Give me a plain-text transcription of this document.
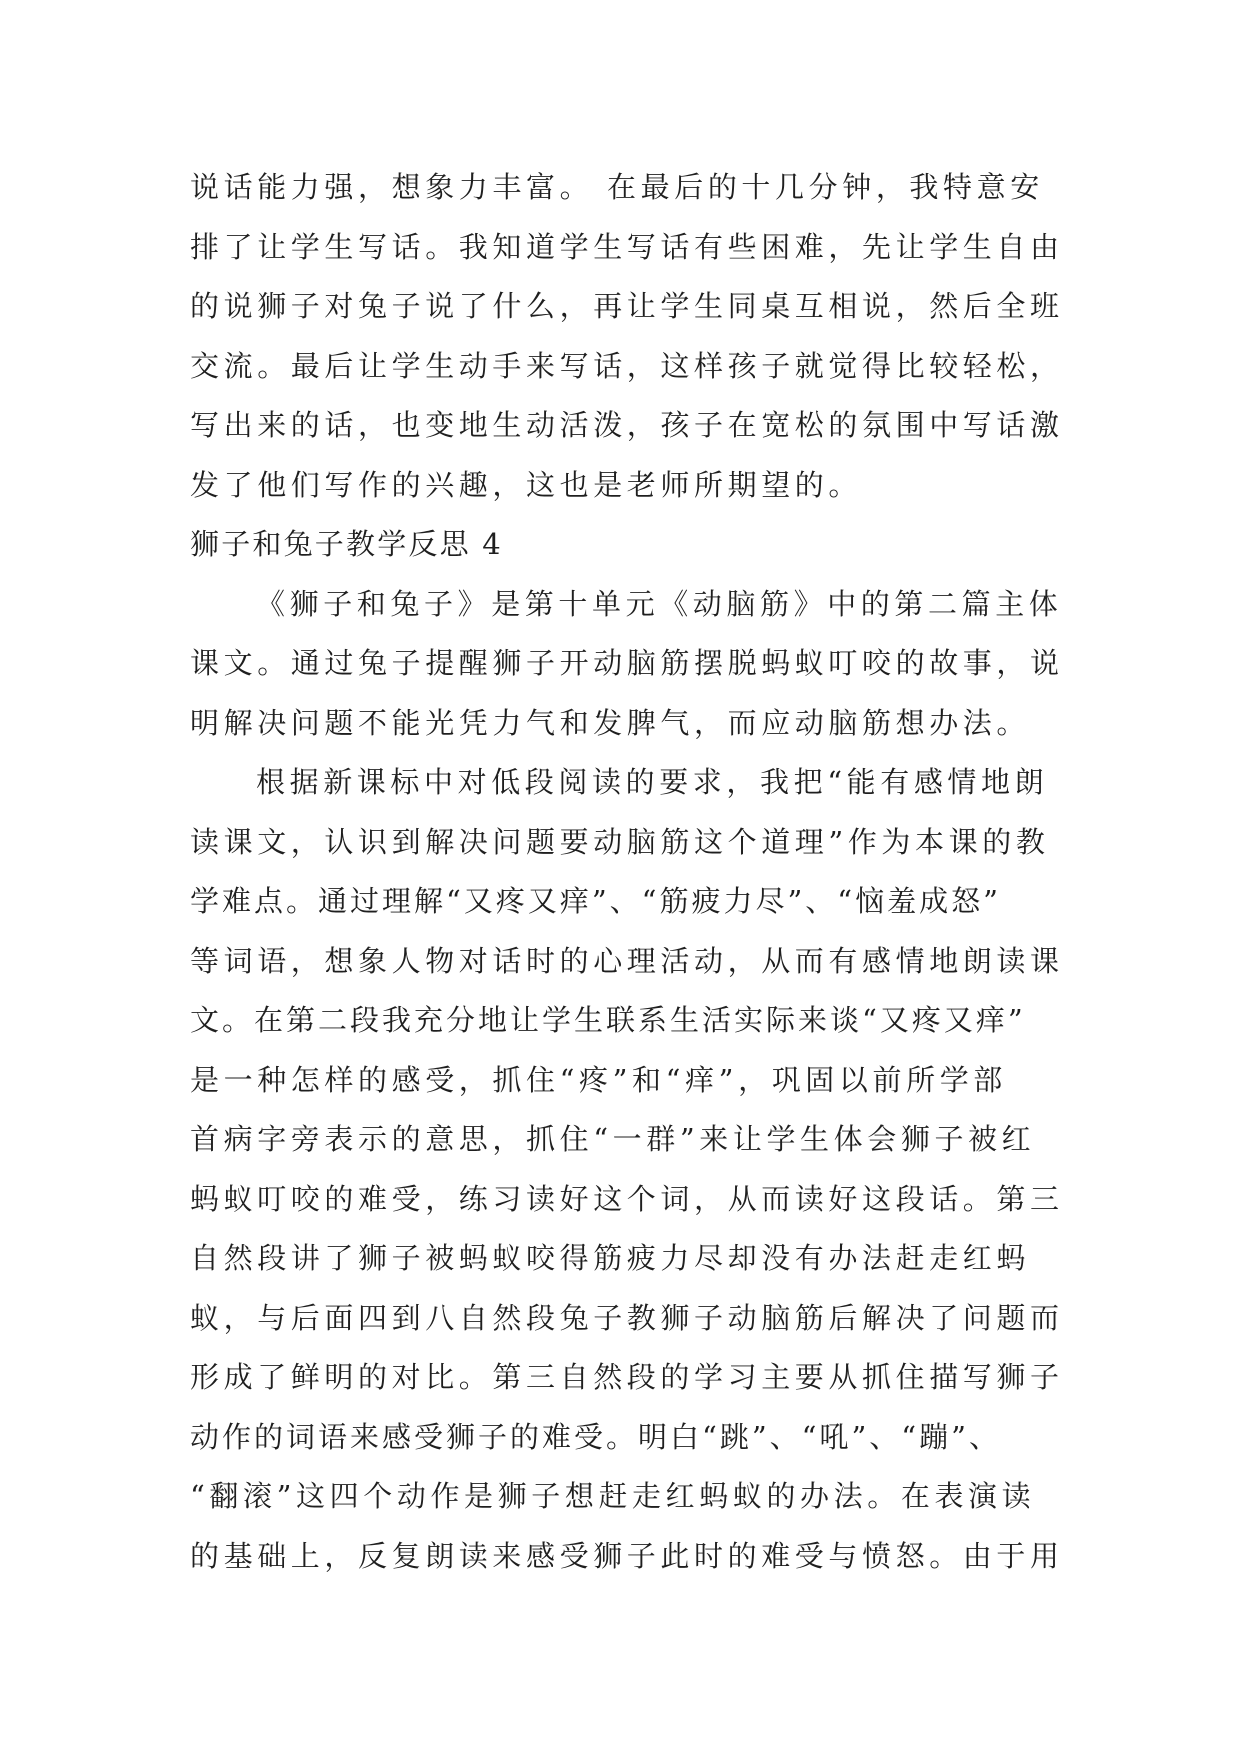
说话能力强，想象力丰富。 在最后的十几分钟，我特意安
排了让学生写话。我知道学生写话有些困难，先让学生自由
的说狮子对兔子说了什么，再让学生同桌互相说，然后全班
交流。最后让学生动手来写话，这样孩子就觉得比较轻松，
写出来的话，也变地生动活泼，孩子在宽松的氛围中写话激
发了他们写作的兴趣，这也是老师所期望的。
狮子和兔子教学反思 4
《狮子和兔子》是第十单元《动脑筋》中的第二篇主体
课文。通过兔子提醒狮子开动脑筋摆脱蚂蚁叮咬的故事，说
明解决问题不能光凭力气和发脾气，而应动脑筋想办法。
根据新课标中对低段阅读的要求，我把“能有感情地朗
读课文，认识到解决问题要动脑筋这个道理”作为本课的教
学难点。通过理解“又疼又痒”、“筋疲力尽”、“恼羞成怒”
等词语，想象人物对话时的心理活动，从而有感情地朗读课
文。在第二段我充分地让学生联系生活实际来谈“又疼又痒”
是一种怎样的感受，抓住“疼”和“痒”，巩固以前所学部
首病字旁表示的意思，抓住“一群”来让学生体会狮子被红
蚂蚁叮咬的难受，练习读好这个词，从而读好这段话。第三
自然段讲了狮子被蚂蚁咬得筋疲力尽却没有办法赶走红蚂
蚁，与后面四到八自然段兔子教狮子动脑筋后解决了问题而
形成了鲜明的对比。第三自然段的学习主要从抓住描写狮子
动作的词语来感受狮子的难受。明白“跳”、“吼”、“蹦”、
“翻滚”这四个动作是狮子想赶走红蚂蚁的办法。在表演读
的基础上，反复朗读来感受狮子此时的难受与愤怒。由于用
